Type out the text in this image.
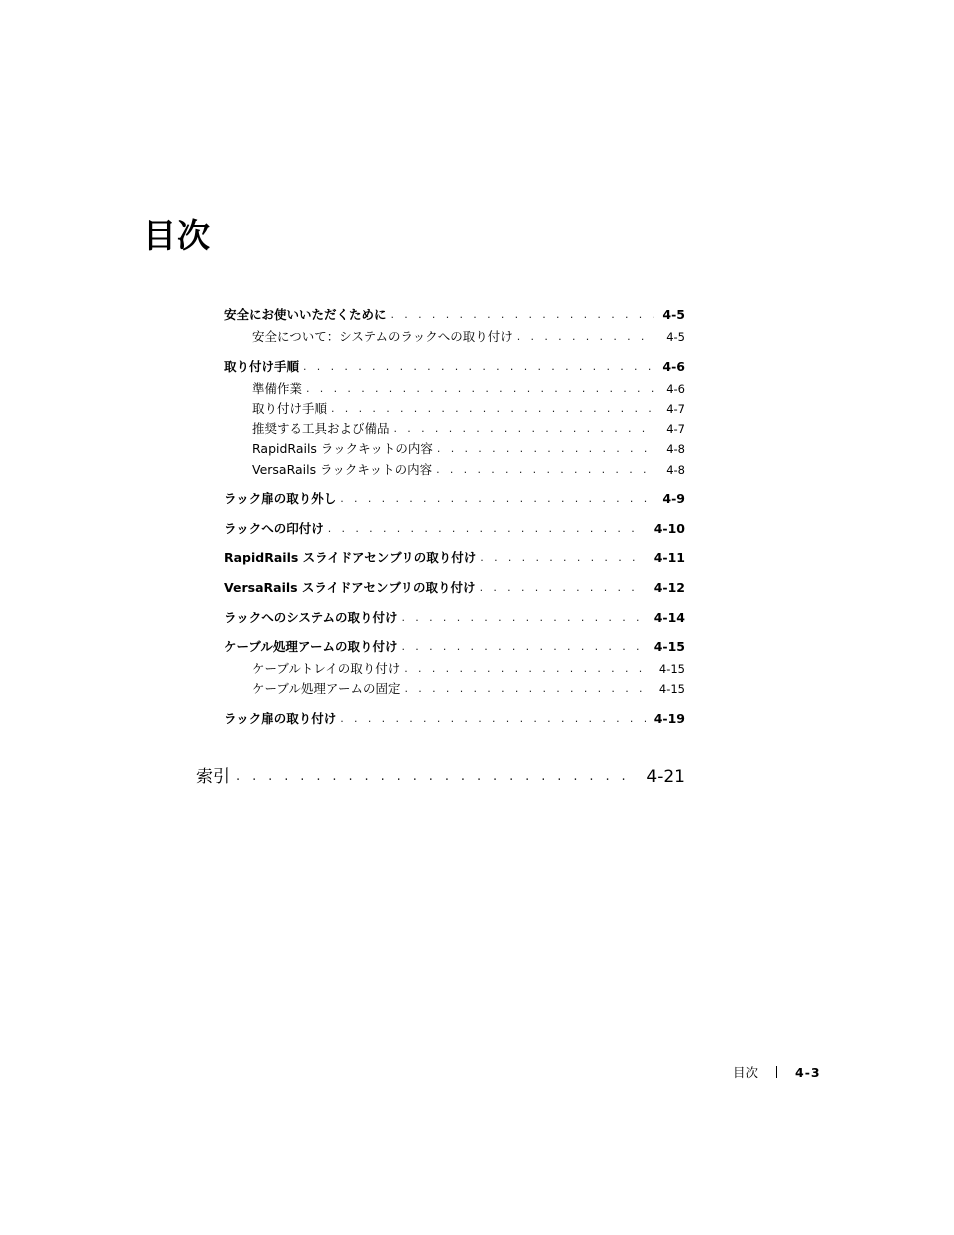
目次
安全にお使いいただくために . . .	4-5
安全について：システムのラックへの取り付け . . .	4-5
取り付け手順 . . .	4-6
準備作業 . . .	4-6
取り付け手順 . . .	4-7
推奨する工具および備品 . . .	4-7
RapidRails ラックキットの内容 . . .	4-8
VersaRails ラックキットの内容 . . .	4-8
ラック扉の取り外し . . .	4-9
ラックへの印付け . . .	4-10
RapidRails スライドアセンブリの取り付け . . .	4-11
VersaRails スライドアセンブリの取り付け . . .	4-12
ラックへのシステムの取り付け . . .	4-14
ケーブル処理アームの取り付け . . .	4-15
ケーブルトレイの取り付け . . .	4-15
ケーブル処理アームの固定 . . .	4-15
ラック扉の取り付け . . .	4-19
索引 . . .	4-21
目次	4-3
